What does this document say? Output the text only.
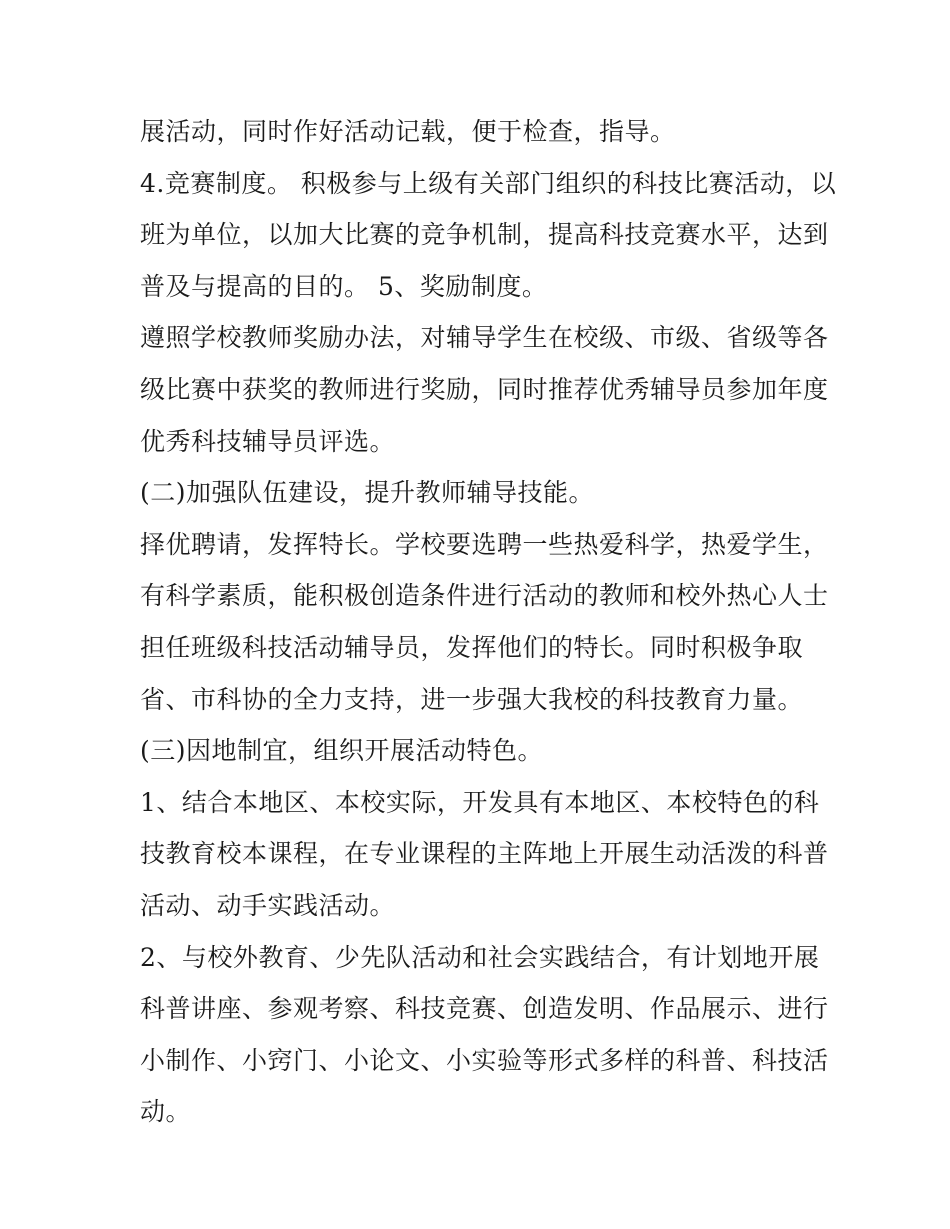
展活动，同时作好活动记载，便于检查，指导。
4.竞赛制度。 积极参与上级有关部门组织的科技比赛活动，以
班为单位，以加大比赛的竞争机制，提高科技竞赛水平，达到
普及与提高的目的。 5、奖励制度。
遵照学校教师奖励办法，对辅导学生在校级、市级、省级等各
级比赛中获奖的教师进行奖励，同时推荐优秀辅导员参加年度
优秀科技辅导员评选。
(二)加强队伍建设，提升教师辅导技能。
择优聘请，发挥特长。学校要选聘一些热爱科学，热爱学生，
有科学素质，能积极创造条件进行活动的教师和校外热心人士
担任班级科技活动辅导员，发挥他们的特长。同时积极争取
省、市科协的全力支持，进一步强大我校的科技教育力量。
(三)因地制宜，组织开展活动特色。
1、结合本地区、本校实际，开发具有本地区、本校特色的科
技教育校本课程，在专业课程的主阵地上开展生动活泼的科普
活动、动手实践活动。
2、与校外教育、少先队活动和社会实践结合，有计划地开展
科普讲座、参观考察、科技竞赛、创造发明、作品展示、进行
小制作、小窍门、小论文、小实验等形式多样的科普、科技活
动。
